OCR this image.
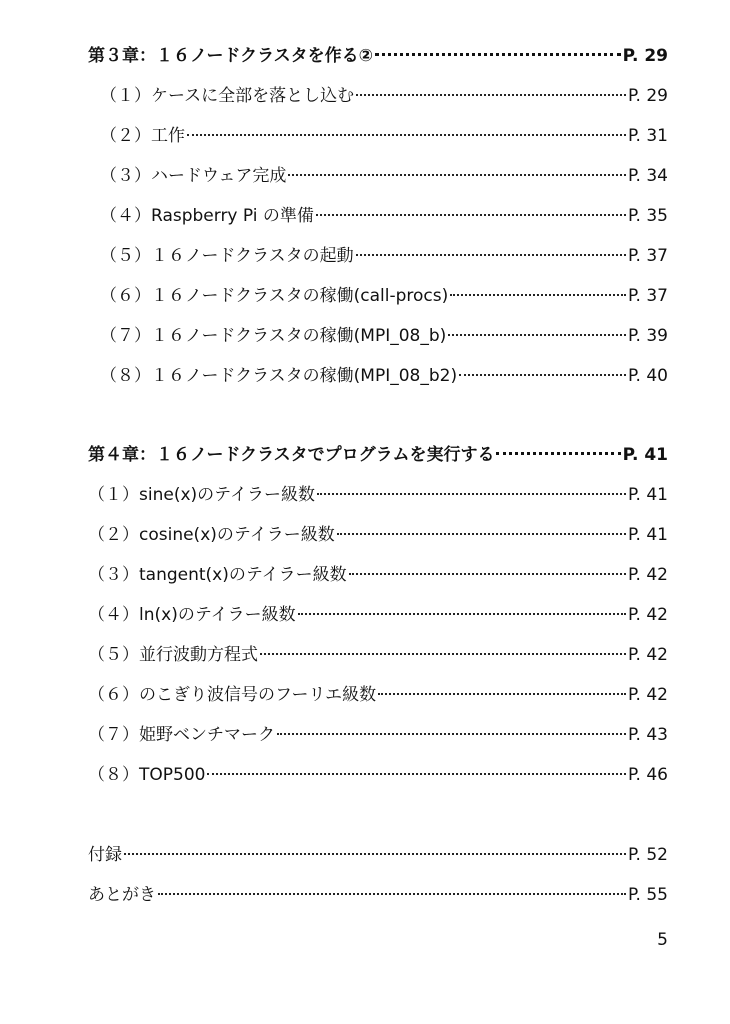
第３章：１６ノードクラスタを作る②	P. 29
（１）ケースに全部を落とし込む	P. 29
（２）工作	P. 31
（３）ハードウェア完成	P. 34
（４）Raspberry Pi の準備	P. 35
（５）１６ノードクラスタの起動	P. 37
（６）１６ノードクラスタの稼働(call-procs)	P. 37
（７）１６ノードクラスタの稼働(MPI_08_b)	P. 39
（８）１６ノードクラスタの稼働(MPI_08_b2)	P. 40
第４章：１６ノードクラスタでプログラムを実行する	P. 41
（１）sine(x)のテイラー級数	P. 41
（２）cosine(x)のテイラー級数	P. 41
（３）tangent(x)のテイラー級数	P. 42
（４）ln(x)のテイラー級数	P. 42
（５）並行波動方程式	P. 42
（６）のこぎり波信号のフーリエ級数	P. 42
（７）姫野ベンチマーク	P. 43
（８）TOP500	P. 46
付録	P. 52
あとがき	P. 55
5
